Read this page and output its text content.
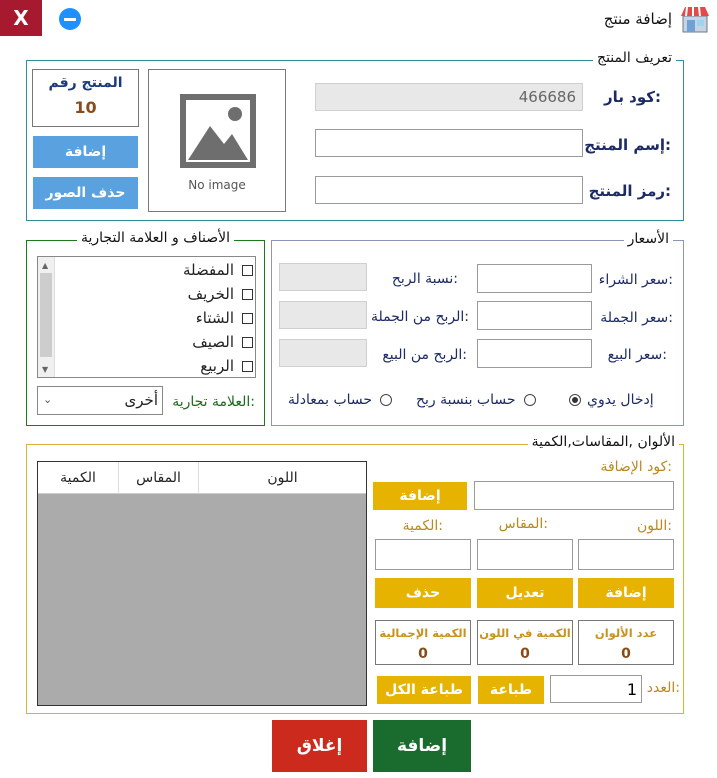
X	إضافة منتج
تعريف المنتج
كود بار:
466686
إسم المنتج:
رمز المنتج:
No image
المنتج رقم
10
إضافة
حذف الصور
الأسعار
سعر الشراء:
سعر الجملة:
سعر البيع:
نسبة الربح:
الربح من الجملة:
الربح من البيع:
إدخال يدوي
حساب بنسبة ربح
حساب بمعادلة
الأصناف و العلامة التجارية
▲
▼
المفضلة
الخريف
الشتاء
الصيف
الربيع
العلامة تجارية:
⌄	أخرى
الألوان ,المقاسات,الكمية
الكمية	المقاس	اللون
كود الإضافة:
إضافة
اللون:
المقاس:
الكمية:
إضافة
تعديل
حذف
عدد الألوان
0
الكمية في اللون
0
الكمية الإجمالية
0
العدد:
1
طباعة
طباعة الكل
إضافة
إغلاق
